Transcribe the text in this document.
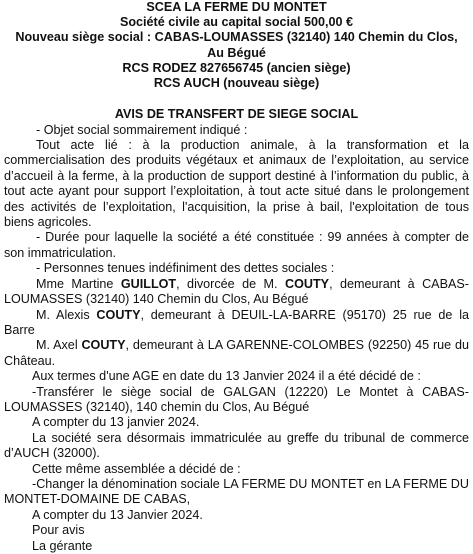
SCEA LA FERME DU MONTET

Société civile au capital social 500,00 €

Nouveau siège social : CABAS-LOUMASSES (32140) 140 Chemin du Clos,

Au Bégué

RCS RODEZ 827656745 (ancien siège)

RCS AUCH (nouveau siège)

AVIS DE TRANSFERT DE SIEGE SOCIAL

- Objet social sommairement indiqué :

Tout acte lié : à la production animale, à la transformation et la commercialisation des produits végétaux et animaux de l’exploitation, au service d’accueil à la ferme, à la production de support destiné à l’information du public, à tout acte ayant pour support l’exploitation, à tout acte situé dans le prolongement des activités de l’exploitation, l'acquisition, la prise à bail, l'exploitation de tous biens agricoles.

- Durée pour laquelle la société a été constituée : 99 années à compter de son immatriculation.

- Personnes tenues indéfiniment des dettes sociales :

Mme Martine GUILLOT, divorcée de M. COUTY, demeurant à CABAS-LOUMASSES (32140) 140 Chemin du Clos, Au Bégué

M. Alexis COUTY, demeurant à DEUIL-LA-BARRE (95170) 25 rue de la Barre

M. Axel COUTY, demeurant à LA GARENNE-COLOMBES (92250) 45 rue du Château.

Aux termes d'une AGE en date du 13 Janvier 2024 il a été décidé de :

-Transférer le siège social de GALGAN (12220) Le Montet à CABAS-LOUMASSES (32140), 140 chemin du Clos, Au Bégué

A compter du 13 janvier 2024.

La société sera désormais immatriculée au greffe du tribunal de commerce d’AUCH (32000).

Cette même assemblée a décidé de :

-Changer la dénomination sociale LA FERME DU MONTET en LA FERME DU MONTET-DOMAINE DE CABAS,

A compter du 13 Janvier 2024.

Pour avis

La gérante
